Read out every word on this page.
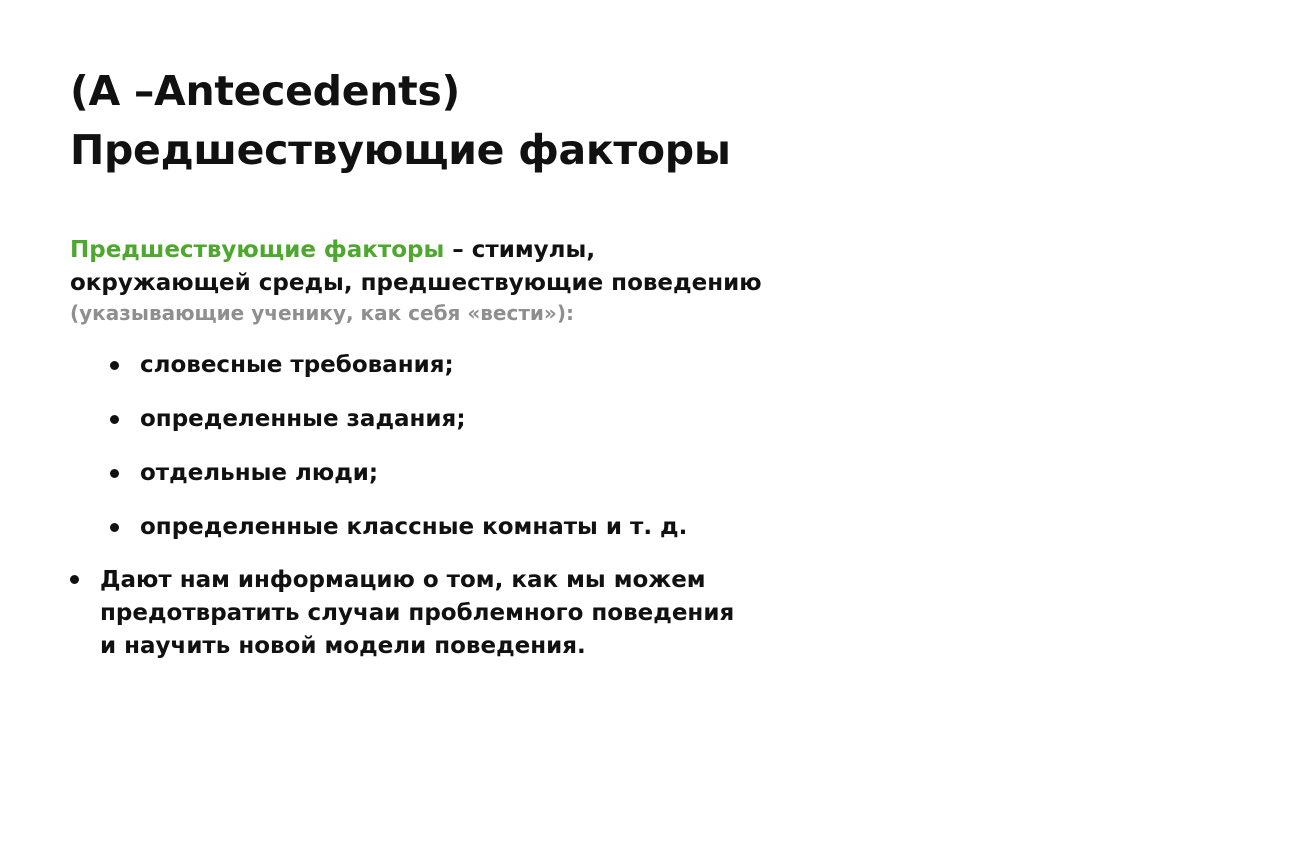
(A –Antecedents)
Предшествующие факторы
Предшествующие факторы – стимулы,
окружающей среды, предшествующие поведению
(указывающие ученику, как себя «вести»):
словесные требования;
определенные задания;
отдельные люди;
определенные классные комнаты и т. д.
Дают нам информацию о том, как мы можем
предотвратить случаи проблемного поведения
и научить новой модели поведения.
